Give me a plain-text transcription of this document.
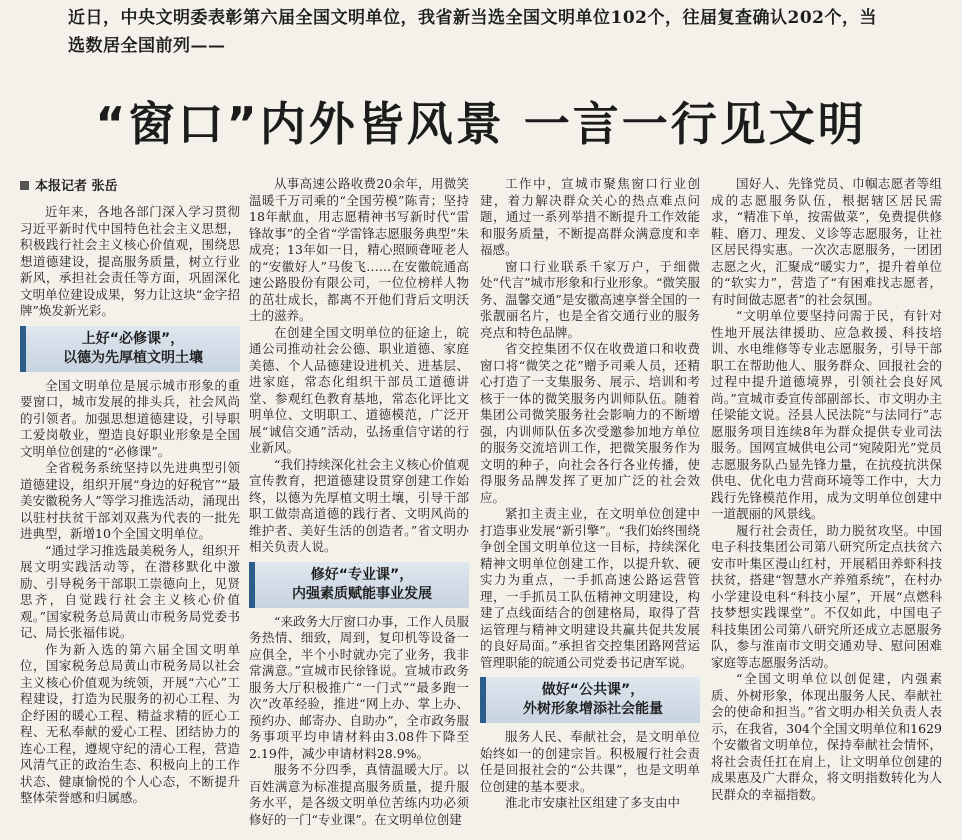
近日，中央文明委表彰第六届全国文明单位，我省新当选全国文明单位102个，往届复查确认202个，当选数居全国前列——
“窗口”内外皆风景 一言一行见文明
本报记者 张岳

近年来，各地各部门深入学习贯彻习近平新时代中国特色社会主义思想，积极践行社会主义核心价值观，围绕思想道德建设，提高服务质量，树立行业新风，承担社会责任等方面，巩固深化文明单位建设成果，努力让这块“金字招牌”焕发新光彩。

上好“必修课”，
以德为先厚植文明土壤

全国文明单位是展示城市形象的重要窗口，城市发展的排头兵，社会风尚的引领者。加强思想道德建设，引导职工爱岗敬业，塑造良好职业形象是全国文明单位创建的“必修课”。

全省税务系统坚持以先进典型引领道德建设，组织开展“身边的好税官”“最美安徽税务人”等学习推选活动，涌现出以驻村扶贫干部刘双燕为代表的一批先进典型，新增10个全国文明单位。

“通过学习推选最美税务人，组织开展文明实践活动等，在潜移默化中激励、引导税务干部职工崇德向上，见贤思齐，自觉践行社会主义核心价值观。”国家税务总局黄山市税务局党委书记、局长张福伟说。

作为新入选的第六届全国文明单位，国家税务总局黄山市税务局以社会主义核心价值观为统领，开展“六心”工程建设，打造为民服务的初心工程、为企纾困的暖心工程、精益求精的匠心工程、无私奉献的爱心工程、团结协力的连心工程，遵规守纪的清心工程，营造风清气正的政治生态、积极向上的工作状态、健康愉悦的个人心态，不断提升整体荣誉感和归属感。

从事高速公路收费20余年，用微笑温暖千万司乘的“全国劳模”陈青；坚持18年献血，用志愿精神书写新时代“雷锋故事”的全省“学雷锋志愿服务典型”朱成亮；13年如一日，精心照顾聋哑老人的“安徽好人”马俊飞……在安徽皖通高速公路股份有限公司，一位位榜样人物的茁壮成长，都离不开他们背后文明沃土的滋养。

在创建全国文明单位的征途上，皖通公司推动社会公德、职业道德、家庭美德、个人品德建设进机关、进基层、进家庭，常态化组织干部员工道德讲堂、参观红色教育基地，常态化评比文明单位、文明职工、道德模范，广泛开展“诚信交通”活动，弘扬重信守诺的行业新风。

“我们持续深化社会主义核心价值观宣传教育，把道德建设贯穿创建工作始终，以德为先厚植文明土壤，引导干部职工做崇高道德的践行者、文明风尚的维护者、美好生活的创造者。”省文明办相关负责人说。

修好“专业课”，
内强素质赋能事业发展

“来政务大厅窗口办事，工作人员服务热情、细致，周到，复印机等设备一应俱全，半个小时就办完了业务，我非常满意。”宣城市民徐锋说。宣城市政务服务大厅积极推广“一门式”“最多跑一次”改革经验，推进“网上办、掌上办、预约办、邮寄办、自助办”，全市政务服务事项平均申请材料由3.08件下降至2.19件，减少申请材料28.9%。

服务不分四季，真情温暖大厅。以百姓满意为标准提高服务质量，提升服务水平，是各级文明单位苦练内功必须修好的一门“专业课”。在文明单位创建

工作中，宣城市聚焦窗口行业创建，着力解决群众关心的热点难点问题，通过一系列举措不断提升工作效能和服务质量，不断提高群众满意度和幸福感。

窗口行业联系千家万户，于细微处“代言”城市形象和行业形象。“微笑服务、温馨交通”是安徽高速享誉全国的一张靓丽名片，也是全省交通行业的服务亮点和特色品牌。

省交控集团不仅在收费道口和收费窗口将“微笑之花”赠予司乘人员，还精心打造了一支集服务、展示、培训和考核于一体的微笑服务内训师队伍。随着集团公司微笑服务社会影响力的不断增强，内训师队伍多次受邀参加地方单位的服务交流培训工作，把微笑服务作为文明的种子，向社会各行各业传播，使得服务品牌发挥了更加广泛的社会效应。

紧扣主责主业，在文明单位创建中打造事业发展“新引擎”。“我们始终围绕争创全国文明单位这一目标，持续深化精神文明单位创建工作，以提升软、硬实力为重点，一手抓高速公路运营管理，一手抓员工队伍精神文明建设，构建了点线面结合的创建格局，取得了营运管理与精神文明建设共赢共促共发展的良好局面。”承担省交控集团路网营运管理职能的皖通公司党委书记唐军说。

做好“公共课”，
外树形象增添社会能量

服务人民、奉献社会，是文明单位始终如一的创建宗旨。积极履行社会责任是回报社会的“公共课”，也是文明单位创建的基本要求。

淮北市安康社区组建了多支由中

国好人、先锋党员、巾帼志愿者等组成的志愿服务队伍，根据辖区居民需求，“精准下单，按需做菜”，免费提供修鞋、磨刀、理发、义诊等志愿服务，让社区居民得实惠。一次次志愿服务，一团团志愿之火，汇聚成“暖实力”，提升着单位的“软实力”，营造了“有困难找志愿者，有时间做志愿者”的社会氛围。

“文明单位要坚持问需于民，有针对性地开展法律援助、应急救援、科技培训、水电维修等专业志愿服务，引导干部职工在帮助他人、服务群众、回报社会的过程中提升道德境界，引领社会良好风尚。”宣城市委宣传部副部长、市文明办主任梁能文说。泾县人民法院“与法同行”志愿服务项目连续8年为群众提供专业司法服务。国网宣城供电公司“宛陵阳光”党员志愿服务队凸显先锋力量，在抗疫抗洪保供电、优化电力营商环境等工作中，大力践行先锋模范作用，成为文明单位创建中一道靓丽的风景线。

履行社会责任，助力脱贫攻坚。中国电子科技集团公司第八研究所定点扶贫六安市叶集区漫山红村，开展稻田养虾科技扶贫，搭建“智慧水产养殖系统”，在村办小学建设电科“科技小屋”，开展“点燃科技梦想实践课堂”。不仅如此，中国电子科技集团公司第八研究所还成立志愿服务队，参与淮南市文明交通劝导、慰问困难家庭等志愿服务活动。

“全国文明单位以创促建，内强素质、外树形象，体现出服务人民、奉献社会的使命和担当。”省文明办相关负责人表示，在我省，304个全国文明单位和1629个安徽省文明单位，保持奉献社会情怀，将社会责任扛在肩上，让文明单位创建的成果惠及广大群众，将文明指数转化为人民群众的幸福指数。
